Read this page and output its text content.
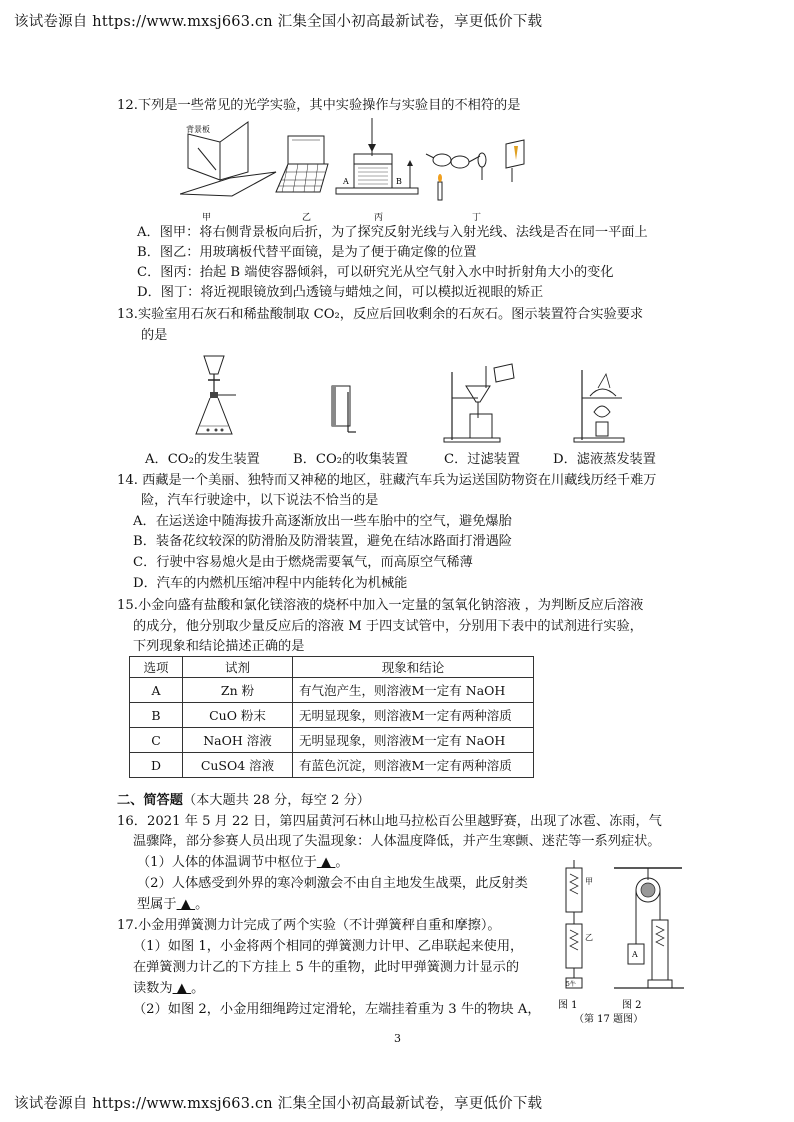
该试卷源自 https://www.mxsj663.cn 汇集全国小初高最新试卷，享更低价下载
12.下列是一些常见的光学实验，其中实验操作与实验目的不相符的是
背景板
A	B
甲	乙	丙	丁
A．图甲：将右侧背景板向后折，为了探究反射光线与入射光线、法线是否在同一平面上
B．图乙：用玻璃板代替平面镜，是为了便于确定像的位置
C．图丙：抬起 B 端使容器倾斜，可以研究光从空气射入水中时折射角大小的变化
D．图丁：将近视眼镜放到凸透镜与蜡烛之间，可以模拟近视眼的矫正
13.实验室用石灰石和稀盐酸制取 CO₂，反应后回收剩余的石灰石。图示装置符合实验要求
的是
A．CO₂的发生装置	B．CO₂的收集装置	C．过滤装置 D．滤液蒸发装置
14. 西藏是一个美丽、独特而又神秘的地区，驻藏汽车兵为运送国防物资在川藏线历经千难万
险，汽车行驶途中，以下说法不恰当的是
A．在运送途中随海拔升高逐渐放出一些车胎中的空气，避免爆胎
B．装备花纹较深的防滑胎及防滑装置，避免在结冰路面打滑遇险
C．行驶中容易熄火是由于燃烧需要氧气，而高原空气稀薄
D．汽车的内燃机压缩冲程中内能转化为机械能
15.小金向盛有盐酸和氯化镁溶液的烧杯中加入一定量的氢氧化钠溶液 ，为判断反应后溶液
的成分，他分别取少量反应后的溶液 M 于四支试管中，分别用下表中的试剂进行实验，
下列现象和结论描述正确的是
选项	试剂	现象和结论
A	Zn 粉	有气泡产生，则溶液M一定有 NaOH
B	CuO 粉末	无明显现象，则溶液M一定有两种溶质
C	NaOH 溶液	无明显现象，则溶液M一定有 NaOH
D	CuSO4 溶液	有蓝色沉淀，则溶液M一定有两种溶质
二、简答题（本大题共 28 分，每空 2 分）
16．2021 年 5 月 22 日，第四届黄河石林山地马拉松百公里越野赛，出现了冰雹、冻雨，气
温骤降，部分参赛人员出现了失温现象：人体温度降低，并产生寒颤、迷茫等一系列症状。
（1）人体的体温调节中枢位于 ▲ 。
（2）人体感受到外界的寒冷刺激会不由自主地发生战栗，此反射类
型属于 ▲ 。
17.小金用弹簧测力计完成了两个实验（不计弹簧秤自重和摩擦）。
（1）如图 1，小金将两个相同的弹簧测力计甲、乙串联起来使用，
在弹簧测力计乙的下方挂上 5 牛的重物，此时甲弹簧测力计显示的
读数为 ▲ 。
（2）如图 2，小金用细绳跨过定滑轮，左端挂着重为 3 牛的物块 A，
甲
乙
5牛
A
图 1	图 2
（第 17 题图）
3
该试卷源自 https://www.mxsj663.cn 汇集全国小初高最新试卷，享更低价下载
